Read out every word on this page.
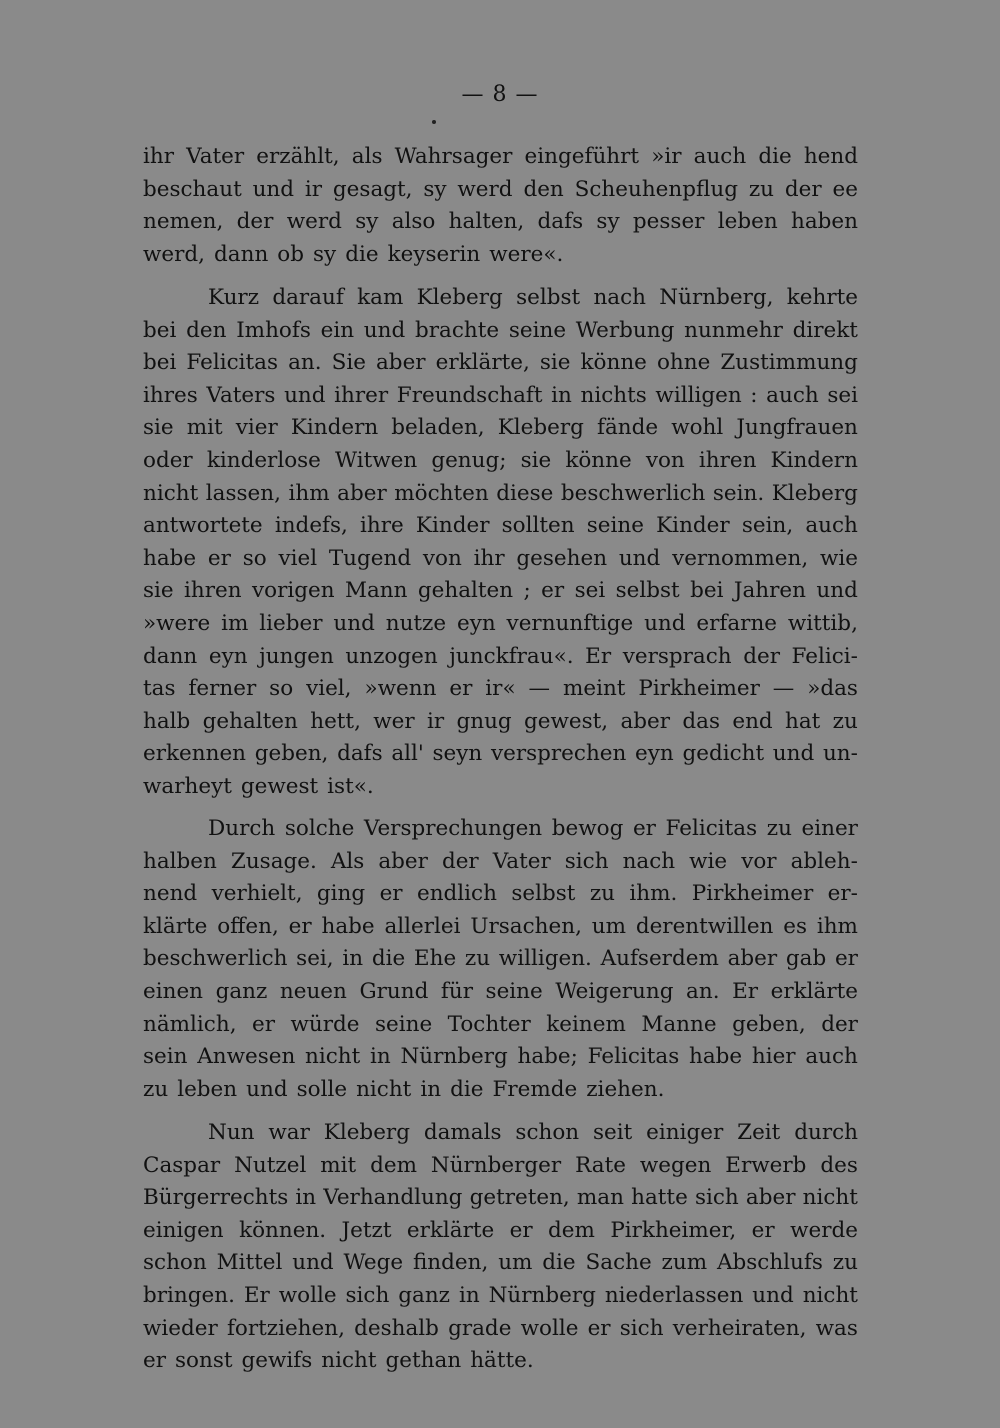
— 8 —
ihr Vater erzählt, als Wahrsager eingeführt »ir auch die hend
beschaut und ir gesagt, sy werd den Scheuhenpflug zu der ee
nemen, der werd sy also halten, dafs sy pesser leben haben
werd, dann ob sy die keyserin were«.
Kurz darauf kam Kleberg selbst nach Nürnberg, kehrte
bei den Imhofs ein und brachte seine Werbung nunmehr direkt
bei Felicitas an. Sie aber erklärte, sie könne ohne Zustimmung
ihres Vaters und ihrer Freundschaft in nichts willigen : auch sei
sie mit vier Kindern beladen, Kleberg fände wohl Jungfrauen
oder kinderlose Witwen genug; sie könne von ihren Kindern
nicht lassen, ihm aber möchten diese beschwerlich sein. Kleberg
antwortete indefs, ihre Kinder sollten seine Kinder sein, auch
habe er so viel Tugend von ihr gesehen und vernommen, wie
sie ihren vorigen Mann gehalten ; er sei selbst bei Jahren und
»were im lieber und nutze eyn vernunftige und erfarne wittib,
dann eyn jungen unzogen junckfrau«. Er versprach der Felici-
tas ferner so viel, »wenn er ir« — meint Pirkheimer — »das
halb gehalten hett, wer ir gnug gewest, aber das end hat zu
erkennen geben, dafs all' seyn versprechen eyn gedicht und un-
warheyt gewest ist«.
Durch solche Versprechungen bewog er Felicitas zu einer
halben Zusage. Als aber der Vater sich nach wie vor ableh-
nend verhielt, ging er endlich selbst zu ihm. Pirkheimer er-
klärte offen, er habe allerlei Ursachen, um derentwillen es ihm
beschwerlich sei, in die Ehe zu willigen. Aufserdem aber gab er
einen ganz neuen Grund für seine Weigerung an. Er erklärte
nämlich, er würde seine Tochter keinem Manne geben, der
sein Anwesen nicht in Nürnberg habe; Felicitas habe hier auch
zu leben und solle nicht in die Fremde ziehen.
Nun war Kleberg damals schon seit einiger Zeit durch
Caspar Nutzel mit dem Nürnberger Rate wegen Erwerb des
Bürgerrechts in Verhandlung getreten, man hatte sich aber nicht
einigen können. Jetzt erklärte er dem Pirkheimer, er werde
schon Mittel und Wege finden, um die Sache zum Abschlufs zu
bringen. Er wolle sich ganz in Nürnberg niederlassen und nicht
wieder fortziehen, deshalb grade wolle er sich verheiraten, was
er sonst gewifs nicht gethan hätte.
